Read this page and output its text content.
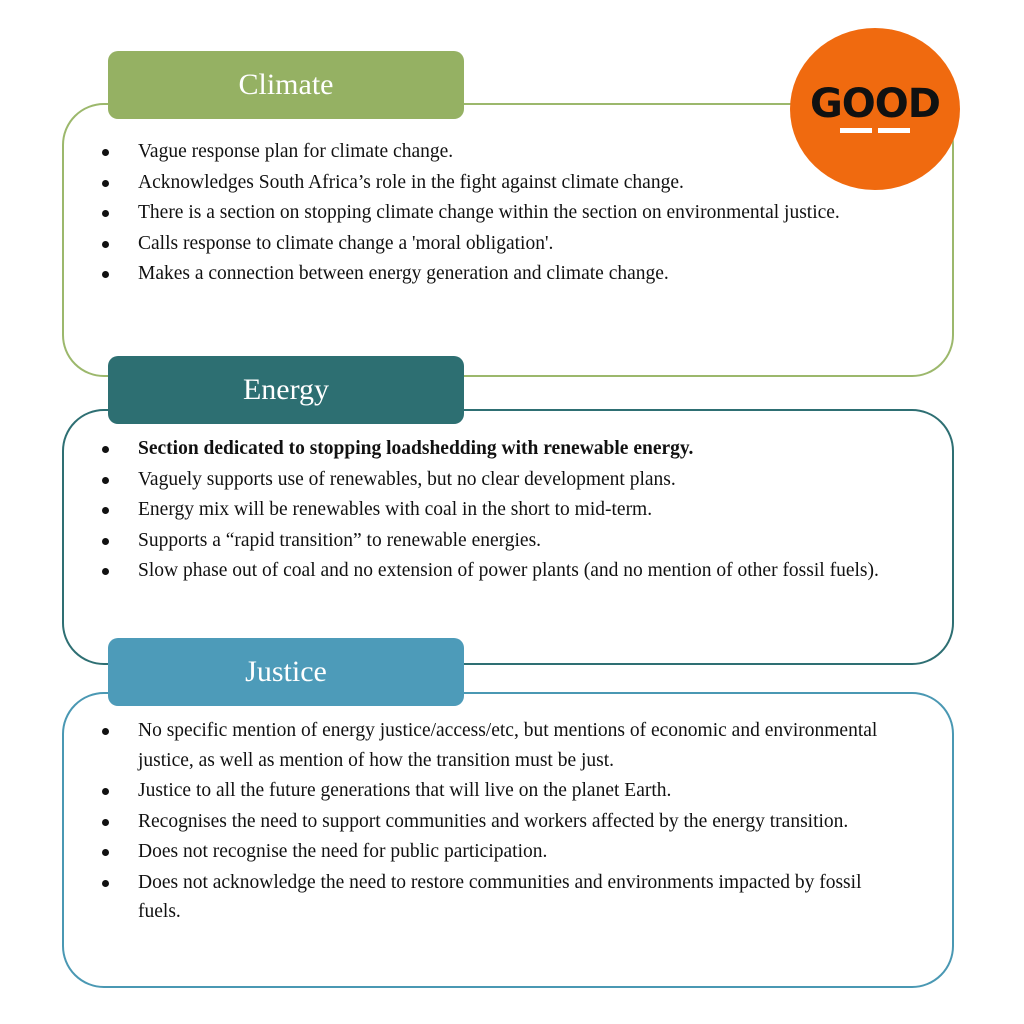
Climate
Vague response plan for climate change.
Acknowledges South Africa’s role in the fight against climate change.
There is a section on stopping climate change within the section on environmental justice.
Calls response to climate change a 'moral obligation'.
Makes a connection between energy generation and climate change.
GOOD
Energy
Section dedicated to stopping loadshedding with renewable energy.
Vaguely supports use of renewables, but no clear development plans.
Energy mix will be renewables with coal in the short to mid-term.
Supports a “rapid transition” to renewable energies.
Slow phase out of coal and no extension of power plants (and no mention of other fossil fuels).
Justice
No specific mention of energy justice/access/etc, but mentions of economic and environmental justice, as well as mention of how the transition must be just.
Justice to all the future generations that will live on the planet Earth.
Recognises the need to support communities and workers affected by the energy transition.
Does not recognise the need for public participation.
Does not acknowledge the need to restore communities and environments impacted by fossil fuels.
